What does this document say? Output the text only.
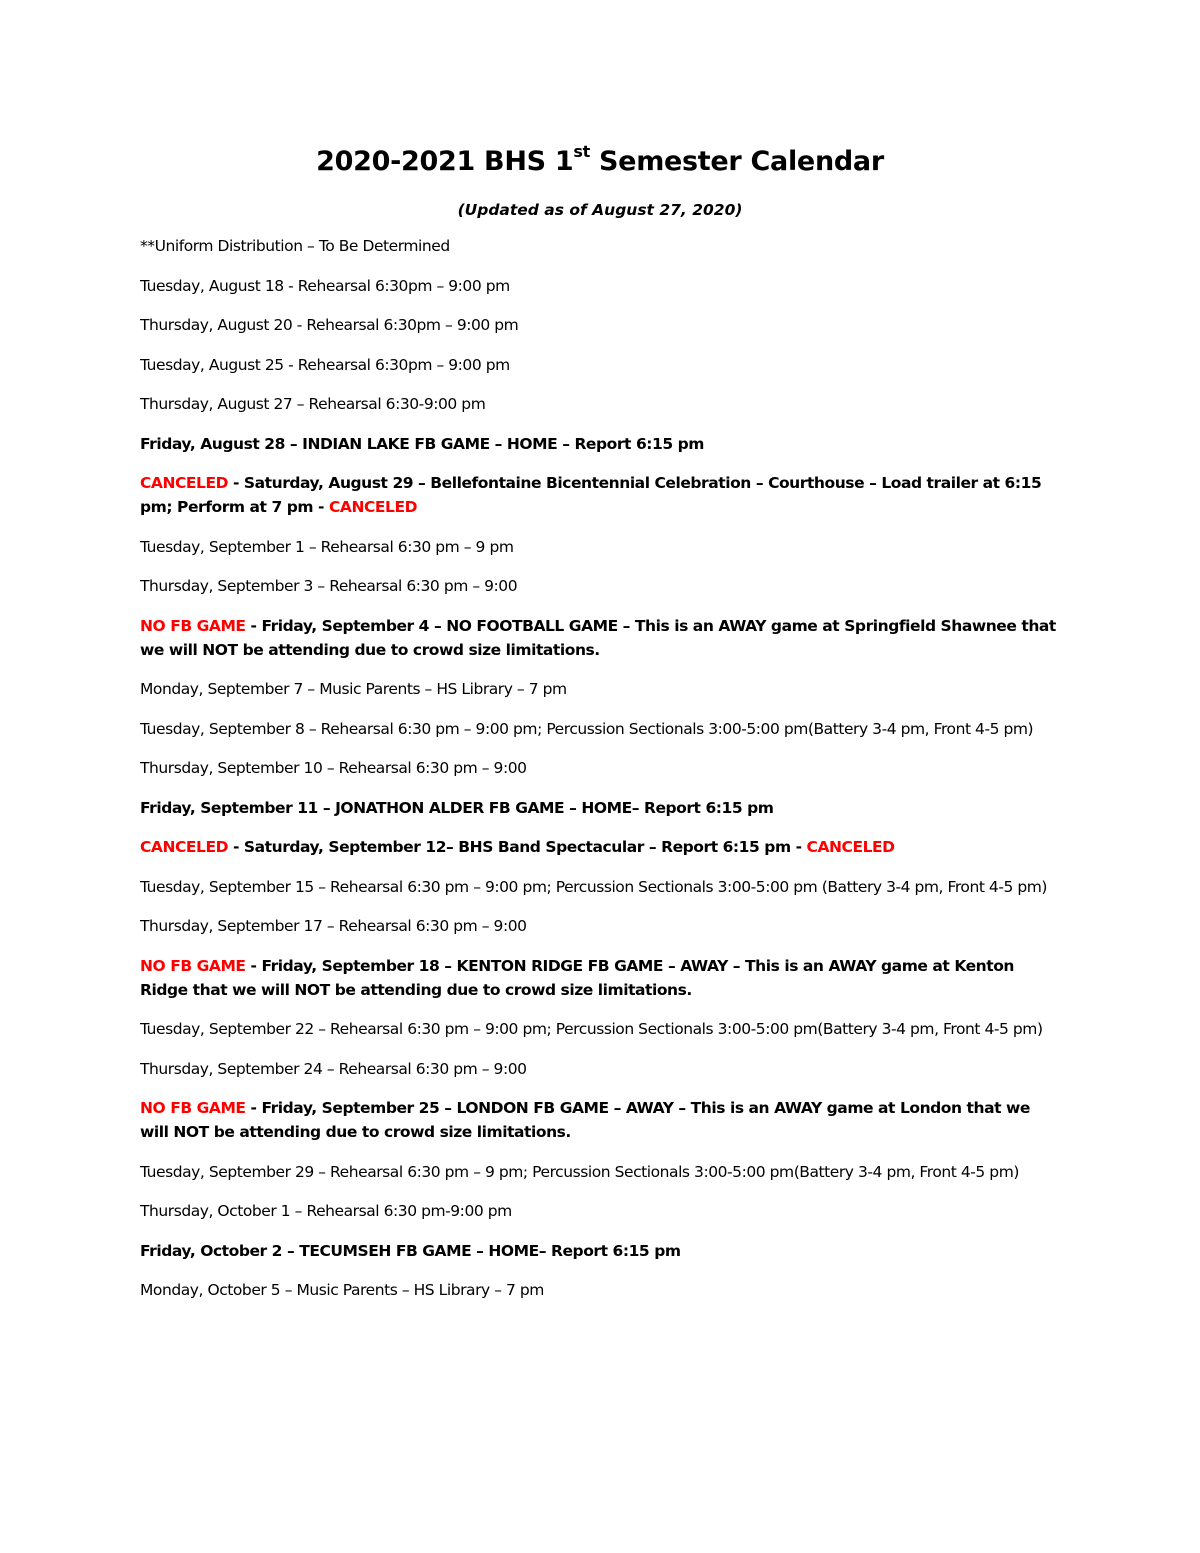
2020-2021 BHS 1st Semester Calendar

(Updated as of August 27, 2020)

**Uniform Distribution – To Be Determined

Tuesday, August 18 - Rehearsal 6:30pm – 9:00 pm

Thursday, August 20 - Rehearsal 6:30pm – 9:00 pm

Tuesday, August 25 - Rehearsal 6:30pm – 9:00 pm

Thursday, August 27 – Rehearsal 6:30-9:00 pm

Friday, August 28 – INDIAN LAKE FB GAME – HOME – Report 6:15 pm

CANCELED - Saturday, August 29 – Bellefontaine Bicentennial Celebration – Courthouse – Load trailer at 6:15 pm; Perform at 7 pm - CANCELED

Tuesday, September 1 – Rehearsal 6:30 pm – 9 pm

Thursday, September 3 – Rehearsal 6:30 pm – 9:00

NO FB GAME - Friday, September 4 – NO FOOTBALL GAME – This is an AWAY game at Springfield Shawnee that we will NOT be attending due to crowd size limitations.

Monday, September 7 – Music Parents – HS Library – 7 pm

Tuesday, September 8 – Rehearsal 6:30 pm – 9:00 pm; Percussion Sectionals 3:00-5:00 pm(Battery 3-4 pm, Front 4-5 pm)

Thursday, September 10 – Rehearsal 6:30 pm – 9:00

Friday, September 11 – JONATHON ALDER FB GAME – HOME– Report 6:15 pm

CANCELED - Saturday, September 12– BHS Band Spectacular – Report 6:15 pm - CANCELED

Tuesday, September 15 – Rehearsal 6:30 pm – 9:00 pm; Percussion Sectionals 3:00-5:00 pm (Battery 3-4 pm, Front 4-5 pm)

Thursday, September 17 – Rehearsal 6:30 pm – 9:00

NO FB GAME - Friday, September 18 – KENTON RIDGE FB GAME – AWAY – This is an AWAY game at Kenton Ridge that we will NOT be attending due to crowd size limitations.

Tuesday, September 22 – Rehearsal 6:30 pm – 9:00 pm; Percussion Sectionals 3:00-5:00 pm(Battery 3-4 pm, Front 4-5 pm)

Thursday, September 24 – Rehearsal 6:30 pm – 9:00

NO FB GAME - Friday, September 25 – LONDON FB GAME – AWAY – This is an AWAY game at London that we will NOT be attending due to crowd size limitations.

Tuesday, September 29 – Rehearsal 6:30 pm – 9 pm; Percussion Sectionals 3:00-5:00 pm(Battery 3-4 pm, Front 4-5 pm)

Thursday, October 1 – Rehearsal 6:30 pm-9:00 pm

Friday, October 2 – TECUMSEH FB GAME – HOME– Report 6:15 pm

Monday, October 5 – Music Parents – HS Library – 7 pm
